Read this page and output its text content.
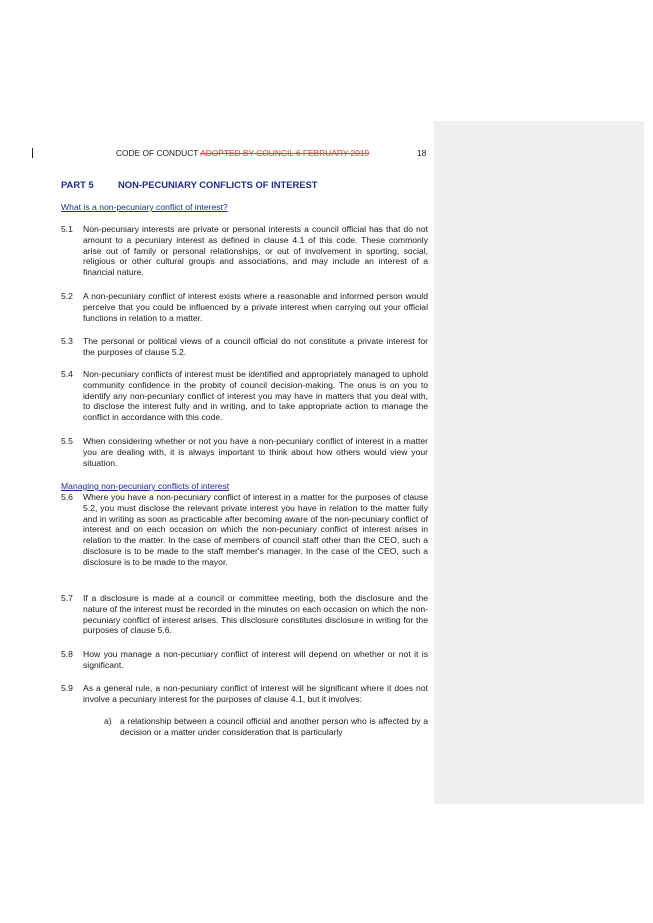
CODE OF CONDUCT ADOPTED BY COUNCIL 6 FEBRUARY 2019	18
PART 5	NON-PECUNIARY CONFLICTS OF INTEREST
What is a non-pecuniary conflict of interest?
5.1 Non-pecuniary interests are private or personal interests a council official has that do not amount to a pecuniary interest as defined in clause 4.1 of this code. These commonly arise out of family or personal relationships, or out of involvement in sporting, social, religious or other cultural groups and associations, and may include an interest of a financial nature.
5.2 A non-pecuniary conflict of interest exists where a reasonable and informed person would perceive that you could be influenced by a private interest when carrying out your official functions in relation to a matter.
5.3 The personal or political views of a council official do not constitute a private interest for the purposes of clause 5.2.
5.4 Non-pecuniary conflicts of interest must be identified and appropriately managed to uphold community confidence in the probity of council decision-making. The onus is on you to identify any non-pecuniary conflict of interest you may have in matters that you deal with, to disclose the interest fully and in writing, and to take appropriate action to manage the conflict in accordance with this code.
5.5 When considering whether or not you have a non-pecuniary conflict of interest in a matter you are dealing with, it is always important to think about how others would view your situation.
Managing non-pecuniary conflicts of interest
5.6 Where you have a non-pecuniary conflict of interest in a matter for the purposes of clause 5.2, you must disclose the relevant private interest you have in relation to the matter fully and in writing as soon as practicable after becoming aware of the non-pecuniary conflict of interest and on each occasion on which the non-pecuniary conflict of interest arises in relation to the matter. In the case of members of council staff other than the CEO, such a disclosure is to be made to the staff member's manager. In the case of the CEO, such a disclosure is to be made to the mayor.
5.7 If a disclosure is made at a council or committee meeting, both the disclosure and the nature of the interest must be recorded in the minutes on each occasion on which the non-pecuniary conflict of interest arises. This disclosure constitutes disclosure in writing for the purposes of clause 5.6.
5.8 How you manage a non-pecuniary conflict of interest will depend on whether or not it is significant.
5.9 As a general rule, a non-pecuniary conflict of interest will be significant where it does not involve a pecuniary interest for the purposes of clause 4.1, but it involves:
a) a relationship between a council official and another person who is affected by a decision or a matter under consideration that is particularly
